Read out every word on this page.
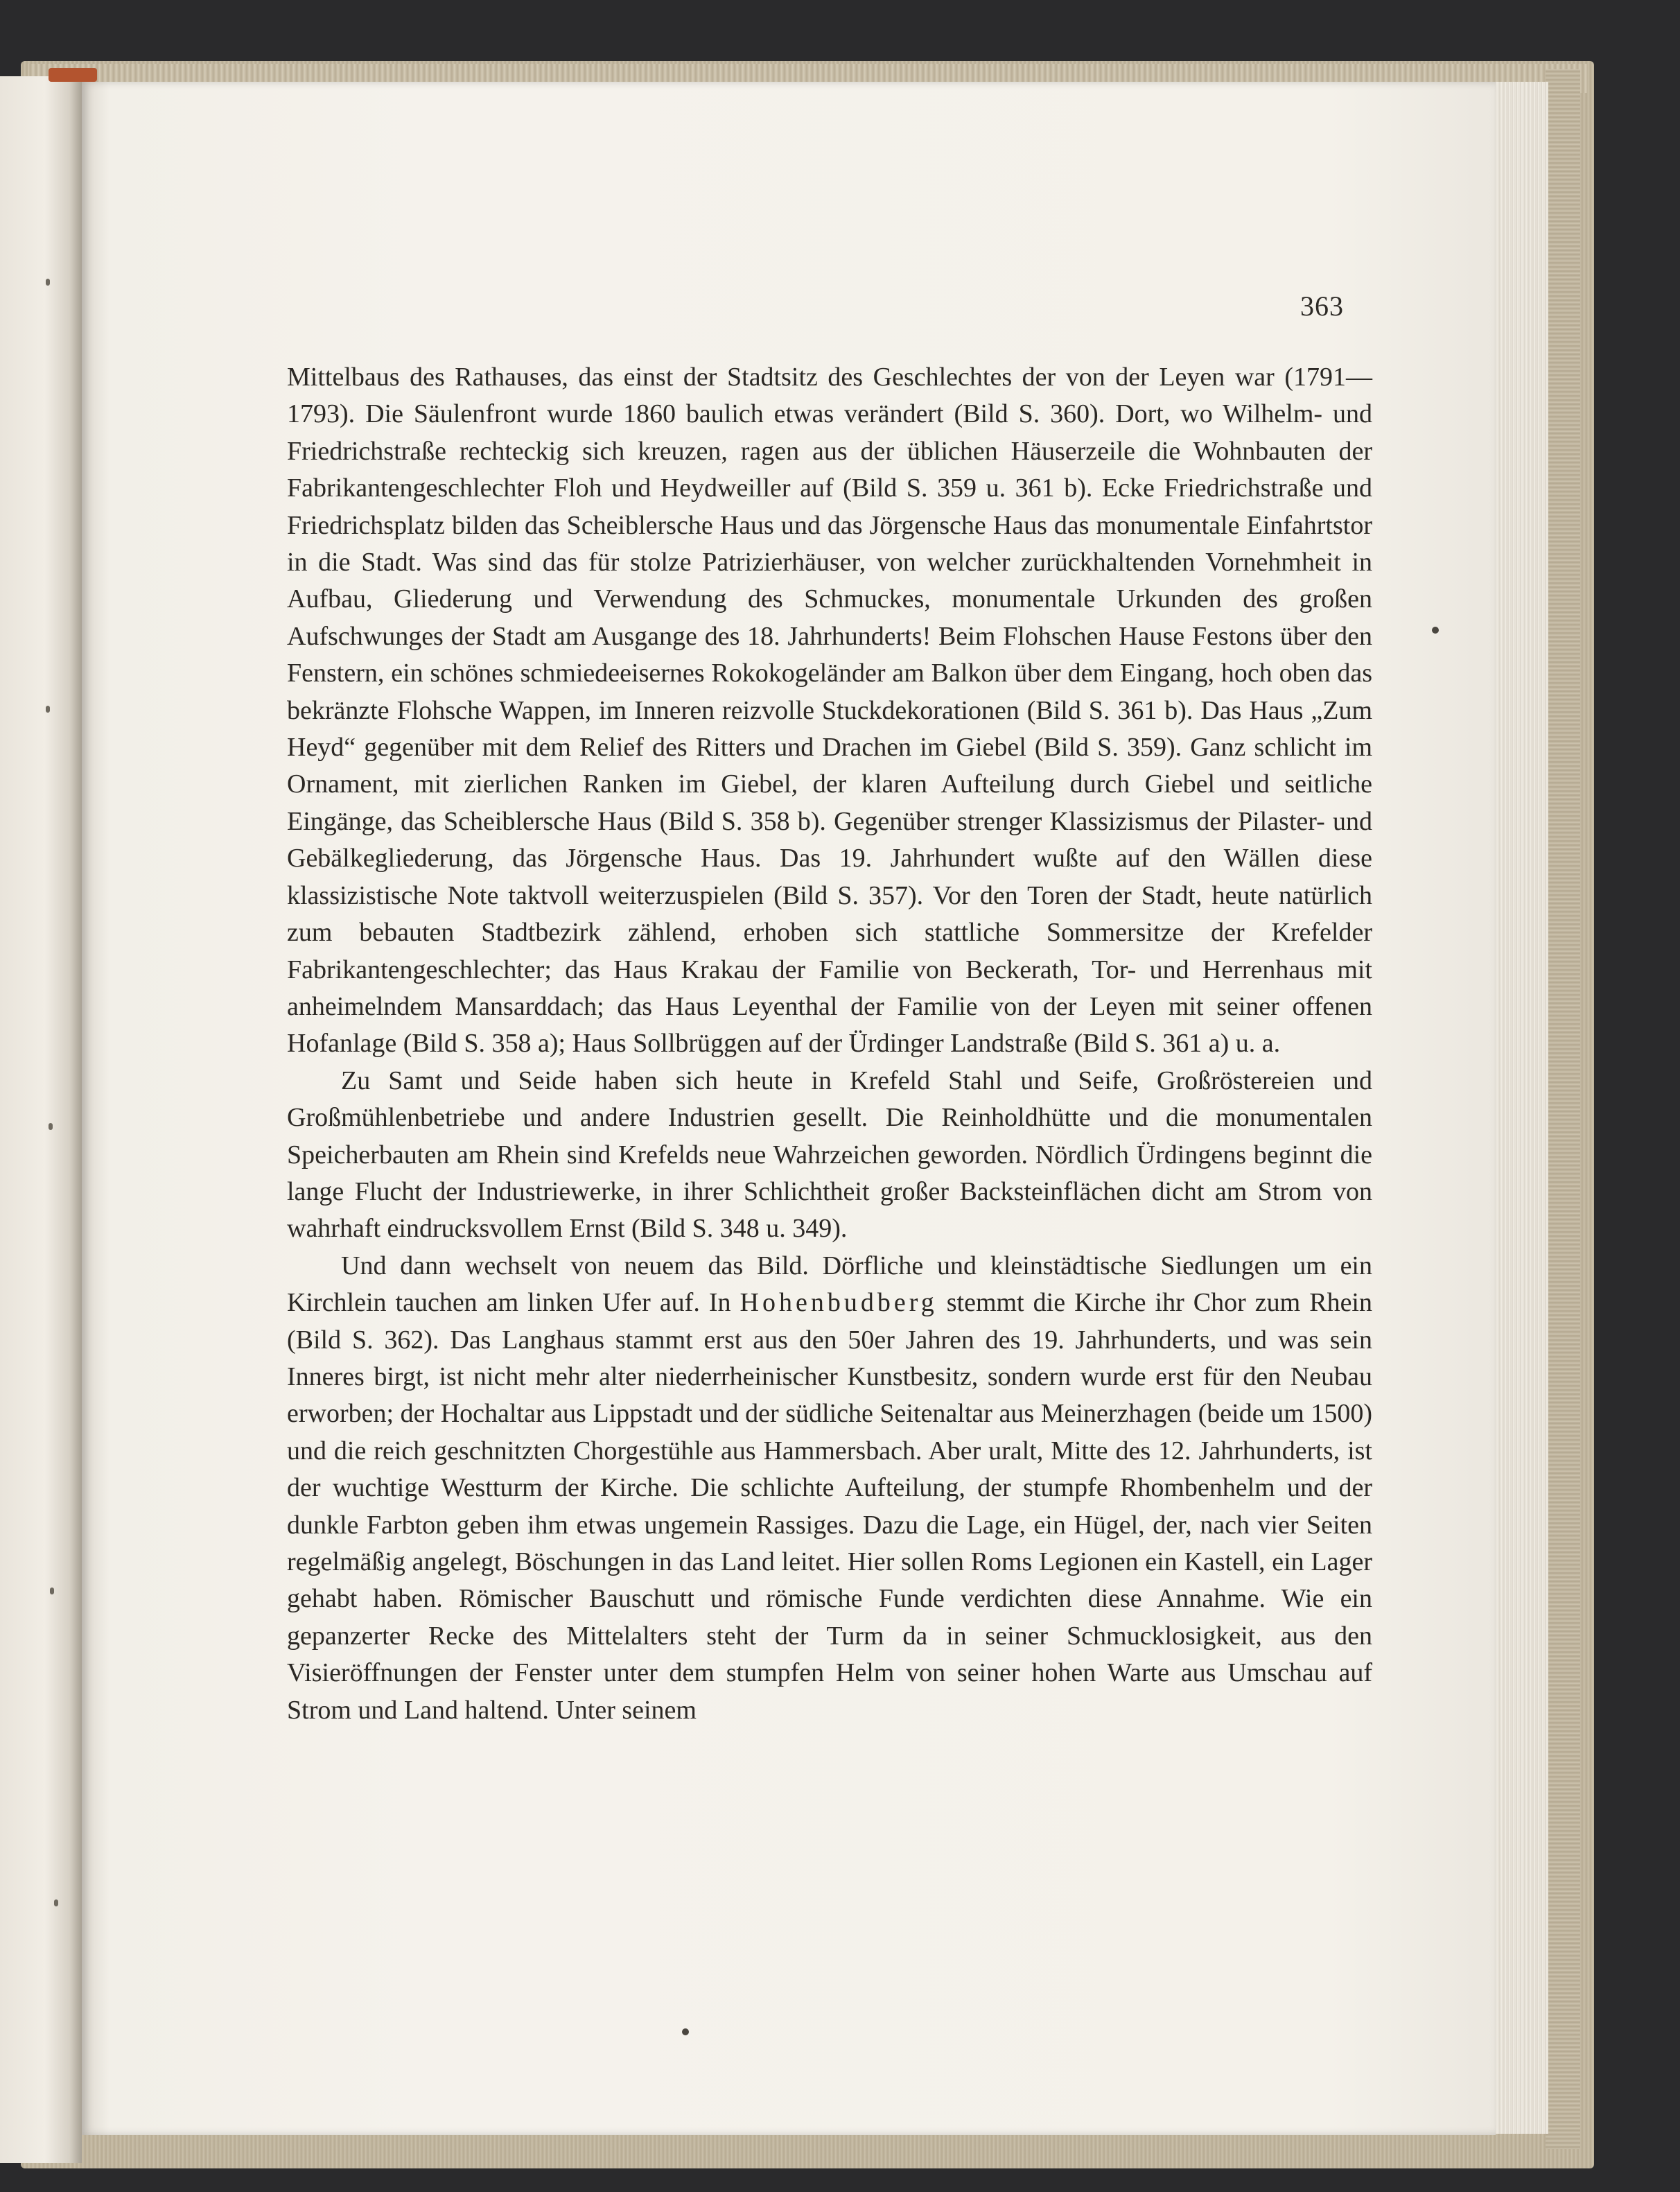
363

Mittelbaus des Rathauses, das einst der Stadtsitz des Geschlechtes der von der Leyen war (1791—1793). Die Säulenfront wurde 1860 baulich etwas verändert (Bild S. 360). Dort, wo Wilhelm- und Friedrichstraße rechteckig sich kreuzen, ragen aus der üblichen Häuserzeile die Wohnbauten der Fabrikantengeschlechter Floh und Heydweiller auf (Bild S. 359 u. 361 b). Ecke Friedrichstraße und Friedrichsplatz bilden das Scheiblersche Haus und das Jörgensche Haus das monumentale Einfahrtstor in die Stadt. Was sind das für stolze Patrizierhäuser, von welcher zurückhaltenden Vornehmheit in Aufbau, Gliederung und Verwendung des Schmuckes, monumentale Urkunden des großen Aufschwunges der Stadt am Ausgange des 18. Jahrhunderts! Beim Flohschen Hause Festons über den Fenstern, ein schönes schmiedeeisernes Rokokogeländer am Balkon über dem Eingang, hoch oben das bekränzte Flohsche Wappen, im Inneren reizvolle Stuckdekorationen (Bild S. 361 b). Das Haus „Zum Heyd“ gegenüber mit dem Relief des Ritters und Drachen im Giebel (Bild S. 359). Ganz schlicht im Ornament, mit zierlichen Ranken im Giebel, der klaren Aufteilung durch Giebel und seitliche Eingänge, das Scheiblersche Haus (Bild S. 358 b). Gegenüber strenger Klassizismus der Pilaster- und Gebälkegliederung, das Jörgensche Haus. Das 19. Jahrhundert wußte auf den Wällen diese klassizistische Note taktvoll weiterzuspielen (Bild S. 357). Vor den Toren der Stadt, heute natürlich zum bebauten Stadtbezirk zählend, erhoben sich stattliche Sommersitze der Krefelder Fabrikantengeschlechter; das Haus Krakau der Familie von Beckerath, Tor- und Herrenhaus mit anheimelndem Mansarddach; das Haus Leyenthal der Familie von der Leyen mit seiner offenen Hofanlage (Bild S. 358 a); Haus Sollbrüggen auf der Ürdinger Landstraße (Bild S. 361 a) u. a.

Zu Samt und Seide haben sich heute in Krefeld Stahl und Seife, Großröstereien und Großmühlenbetriebe und andere Industrien gesellt. Die Reinholdhütte und die monumentalen Speicherbauten am Rhein sind Krefelds neue Wahrzeichen geworden. Nördlich Ürdingens beginnt die lange Flucht der Industriewerke, in ihrer Schlichtheit großer Backsteinflächen dicht am Strom von wahrhaft eindrucksvollem Ernst (Bild S. 348 u. 349).

Und dann wechselt von neuem das Bild. Dörfliche und kleinstädtische Siedlungen um ein Kirchlein tauchen am linken Ufer auf. In Hohenbudberg stemmt die Kirche ihr Chor zum Rhein (Bild S. 362). Das Langhaus stammt erst aus den 50er Jahren des 19. Jahrhunderts, und was sein Inneres birgt, ist nicht mehr alter niederrheinischer Kunstbesitz, sondern wurde erst für den Neubau erworben; der Hochaltar aus Lippstadt und der südliche Seitenaltar aus Meinerzhagen (beide um 1500) und die reich geschnitzten Chorgestühle aus Hammersbach. Aber uralt, Mitte des 12. Jahrhunderts, ist der wuchtige Westturm der Kirche. Die schlichte Aufteilung, der stumpfe Rhombenhelm und der dunkle Farbton geben ihm etwas ungemein Rassiges. Dazu die Lage, ein Hügel, der, nach vier Seiten regelmäßig angelegt, Böschungen in das Land leitet. Hier sollen Roms Legionen ein Kastell, ein Lager gehabt haben. Römischer Bauschutt und römische Funde verdichten diese Annahme. Wie ein gepanzerter Recke des Mittelalters steht der Turm da in seiner Schmucklosigkeit, aus den Visieröffnungen der Fenster unter dem stumpfen Helm von seiner hohen Warte aus Umschau auf Strom und Land haltend. Unter seinem
